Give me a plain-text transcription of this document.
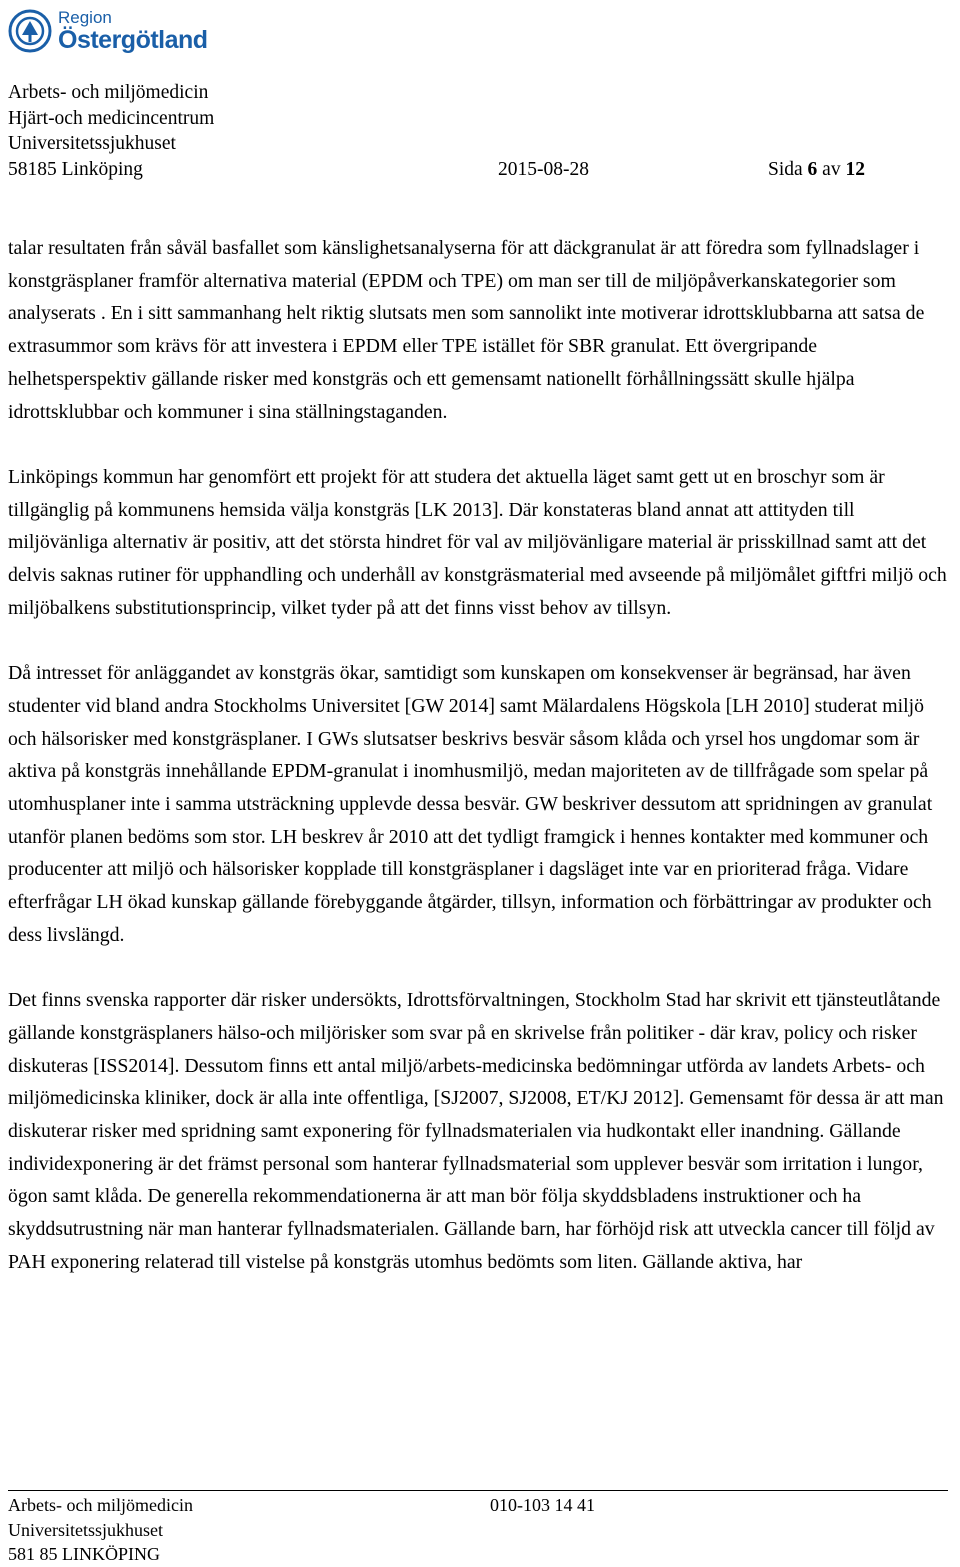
Region
Östergötland
Arbets- och miljömedicin
Hjärt-och medicincentrum
Universitetssjukhuset
58185 Linköping	2015-08-28	Sida 6 av 12

talar resultaten från såväl basfallet som känslighetsanalyserna för att däckgranulat är att föredra som fyllnadslager i konstgräsplaner framför alternativa material (EPDM och TPE) om man ser till de miljöpåverkanskategorier som analyserats . En i sitt sammanhang helt riktig slutsats men som sannolikt inte motiverar idrottsklubbarna att satsa de extrasummor som krävs för att investera i EPDM eller TPE istället för SBR granulat. Ett övergripande helhetsperspektiv gällande risker med konstgräs och ett gemensamt nationellt förhållningssätt skulle hjälpa idrottsklubbar och kommuner i sina ställningstaganden.

Linköpings kommun har genomfört ett projekt för att studera det aktuella läget samt gett ut en broschyr som är tillgänglig på kommunens hemsida välja konstgräs [LK 2013]. Där konstateras bland annat att attityden till miljövänliga alternativ är positiv, att det största hindret för val av miljövänligare material är prisskillnad samt att det delvis saknas rutiner för upphandling och underhåll av konstgräsmaterial med avseende på miljömålet giftfri miljö och miljöbalkens substitutionsprincip, vilket tyder på att det finns visst behov av tillsyn.

Då intresset för anläggandet av konstgräs ökar, samtidigt som kunskapen om konsekvenser är begränsad, har även studenter vid bland andra Stockholms Universitet [GW 2014] samt Mälardalens Högskola [LH 2010] studerat miljö och hälsorisker med konstgräsplaner. I GWs slutsatser beskrivs besvär såsom klåda och yrsel hos ungdomar som är aktiva på konstgräs innehållande EPDM-granulat i inomhusmiljö, medan majoriteten av de tillfrågade som spelar på utomhusplaner inte i samma utsträckning upplevde dessa besvär. GW beskriver dessutom att spridningen av granulat utanför planen bedöms som stor. LH beskrev år 2010 att det tydligt framgick i hennes kontakter med kommuner och producenter att miljö och hälsorisker kopplade till konstgräsplaner i dagsläget inte var en prioriterad fråga. Vidare efterfrågar LH ökad kunskap gällande förebyggande åtgärder, tillsyn, information och förbättringar av produkter och dess livslängd.

Det finns svenska rapporter där risker undersökts, Idrottsförvaltningen, Stockholm Stad har skrivit ett tjänsteutlåtande gällande konstgräsplaners hälso-och miljörisker som svar på en skrivelse från politiker - där krav, policy och risker diskuteras [ISS2014]. Dessutom finns ett antal miljö/arbets-medicinska bedömningar utförda av landets Arbets- och miljömedicinska kliniker, dock är alla inte offentliga, [SJ2007, SJ2008, ET/KJ 2012]. Gemensamt för dessa är att man diskuterar risker med spridning samt exponering för fyllnadsmaterialen via hudkontakt eller inandning. Gällande individexponering är det främst personal som hanterar fyllnadsmaterial som upplever besvär som irritation i lungor, ögon samt klåda. De generella rekommendationerna är att man bör följa skyddsbladens instruktioner och ha skyddsutrustning när man hanterar fyllnadsmaterialen. Gällande barn, har förhöjd risk att utveckla cancer till följd av PAH exponering relaterad till vistelse på konstgräs utomhus bedömts som liten. Gällande aktiva, har

Arbets- och miljömedicin	010-103 14 41
Universitetssjukhuset
581 85 LINKÖPING
